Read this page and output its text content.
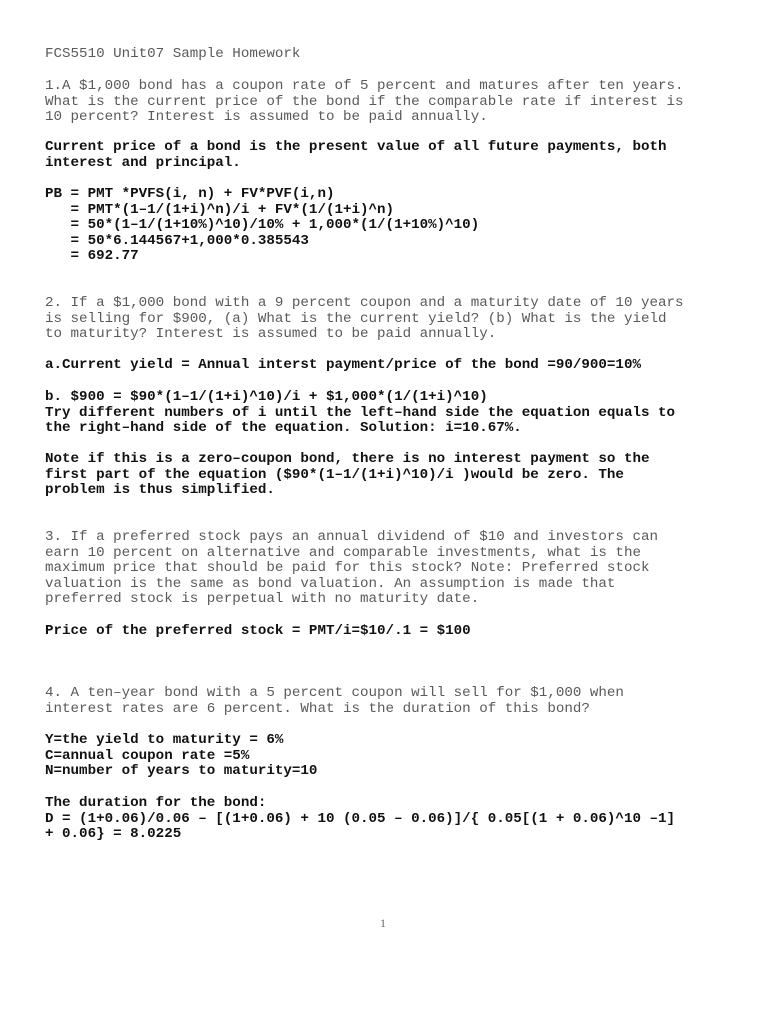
FCS5510 Unit07 Sample Homework
1.A $1,000 bond has a coupon rate of 5 percent and matures after ten years.
What is the current price of the bond if the comparable rate if interest is
10 percent? Interest is assumed to be paid annually.
Current price of a bond is the present value of all future payments, both
interest and principal.
PB = PMT *PVFS(i, n) + FV*PVF(i,n)
= PMT*(1–1/(1+i)^n)/i + FV*(1/(1+i)^n)
= 50*(1–1/(1+10%)^10)/10% + 1,000*(1/(1+10%)^10)
= 50*6.144567+1,000*0.385543
= 692.77
2. If a $1,000 bond with a 9 percent coupon and a maturity date of 10 years
is selling for $900, (a) What is the current yield? (b) What is the yield
to maturity? Interest is assumed to be paid annually.
a.Current yield = Annual interst payment/price of the bond =90/900=10%
b. $900 = $90*(1–1/(1+i)^10)/i + $1,000*(1/(1+i)^10)
Try different numbers of i until the left–hand side the equation equals to
the right–hand side of the equation. Solution: i=10.67%.
Note if this is a zero–coupon bond, there is no interest payment so the
first part of the equation ($90*(1–1/(1+i)^10)/i )would be zero. The
problem is thus simplified.
3. If a preferred stock pays an annual dividend of $10 and investors can
earn 10 percent on alternative and comparable investments, what is the
maximum price that should be paid for this stock? Note: Preferred stock
valuation is the same as bond valuation. An assumption is made that
preferred stock is perpetual with no maturity date.
Price of the preferred stock = PMT/i=$10/.1 = $100
4. A ten–year bond with a 5 percent coupon will sell for $1,000 when
interest rates are 6 percent. What is the duration of this bond?
Y=the yield to maturity = 6%
C=annual coupon rate =5%
N=number of years to maturity=10
The duration for the bond:
D = (1+0.06)/0.06 – [(1+0.06) + 10 (0.05 – 0.06)]/{ 0.05[(1 + 0.06)^10 –1]
+ 0.06} = 8.0225
1
